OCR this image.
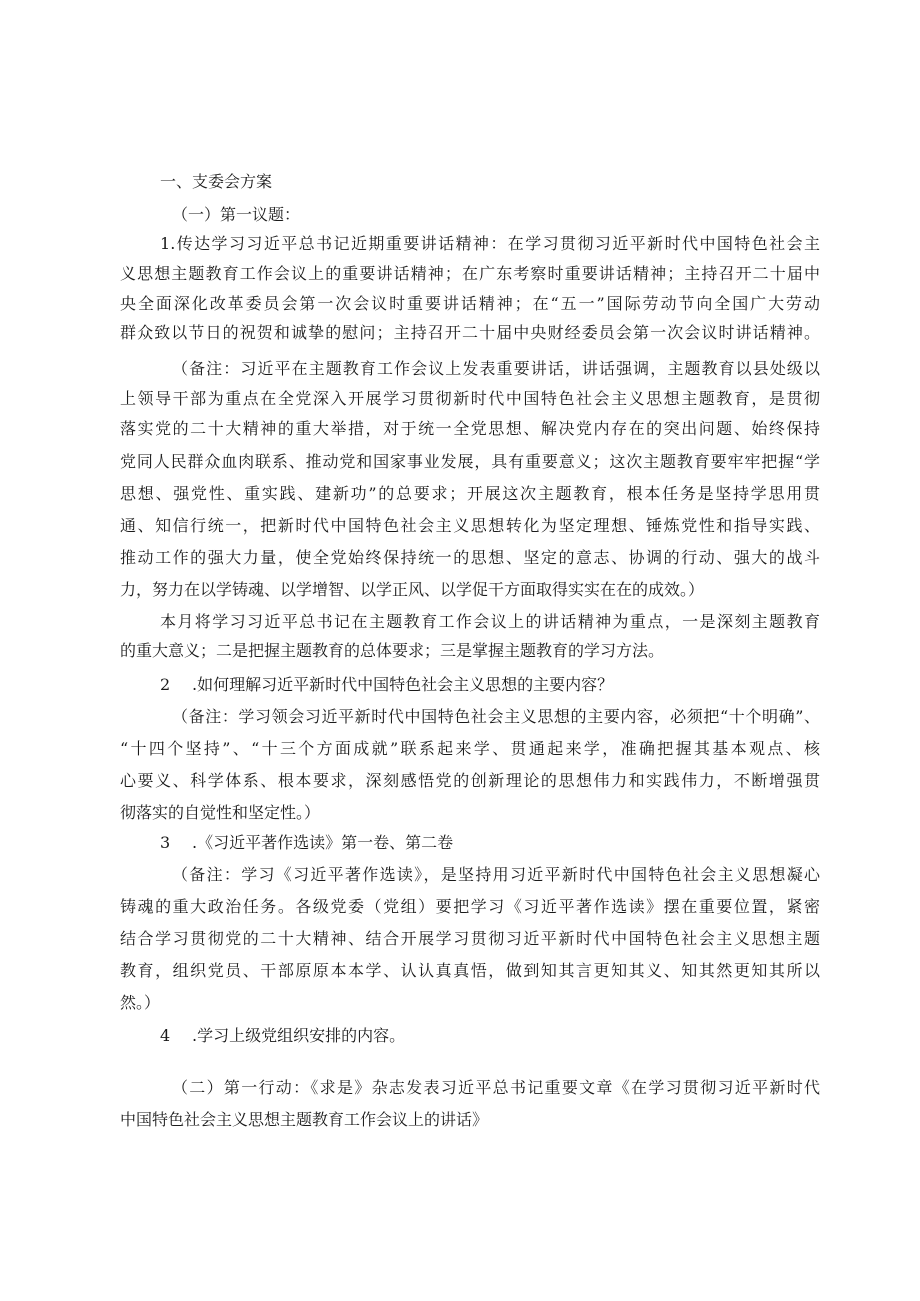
一、支委会方案
（一）第一议题：
1.传达学习习近平总书记近期重要讲话精神：在学习贯彻习近平新时代中国特色社会主
义思想主题教育工作会议上的重要讲话精神；在广东考察时重要讲话精神；主持召开二十届中
央全面深化改革委员会第一次会议时重要讲话精神；在“五一”国际劳动节向全国广大劳动
群众致以节日的祝贺和诚挚的慰问；主持召开二十届中央财经委员会第一次会议时讲话精神。
（备注：习近平在主题教育工作会议上发表重要讲话，讲话强调，主题教育以县处级以
上领导干部为重点在全党深入开展学习贯彻新时代中国特色社会主义思想主题教育，是贯彻
落实党的二十大精神的重大举措，对于统一全党思想、解决党内存在的突出问题、始终保持
党同人民群众血肉联系、推动党和国家事业发展，具有重要意义；这次主题教育要牢牢把握“学
思想、强党性、重实践、建新功”的总要求；开展这次主题教育，根本任务是坚持学思用贯
通、知信行统一，把新时代中国特色社会主义思想转化为坚定理想、锤炼党性和指导实践、
推动工作的强大力量，使全党始终保持统一的思想、坚定的意志、协调的行动、强大的战斗
力，努力在以学铸魂、以学增智、以学正风、以学促干方面取得实实在在的成效。）
本月将学习习近平总书记在主题教育工作会议上的讲话精神为重点，一是深刻主题教育
的重大意义；二是把握主题教育的总体要求；三是掌握主题教育的学习方法。
2 .如何理解习近平新时代中国特色社会主义思想的主要内容？
（备注：学习领会习近平新时代中国特色社会主义思想的主要内容，必须把“十个明确”、
“十四个坚持”、“十三个方面成就”联系起来学、贯通起来学，准确把握其基本观点、核
心要义、科学体系、根本要求，深刻感悟党的创新理论的思想伟力和实践伟力，不断增强贯
彻落实的自觉性和坚定性。）
3 .《习近平著作选读》第一卷、第二卷
（备注：学习《习近平著作选读》，是坚持用习近平新时代中国特色社会主义思想凝心
铸魂的重大政治任务。各级党委（党组）要把学习《习近平著作选读》摆在重要位置，紧密
结合学习贯彻党的二十大精神、结合开展学习贯彻习近平新时代中国特色社会主义思想主题
教育，组织党员、干部原原本本学、认认真真悟，做到知其言更知其义、知其然更知其所以
然。）
4 .学习上级党组织安排的内容。
（二）第一行动：《求是》杂志发表习近平总书记重要文章《在学习贯彻习近平新时代
中国特色社会主义思想主题教育工作会议上的讲话》
